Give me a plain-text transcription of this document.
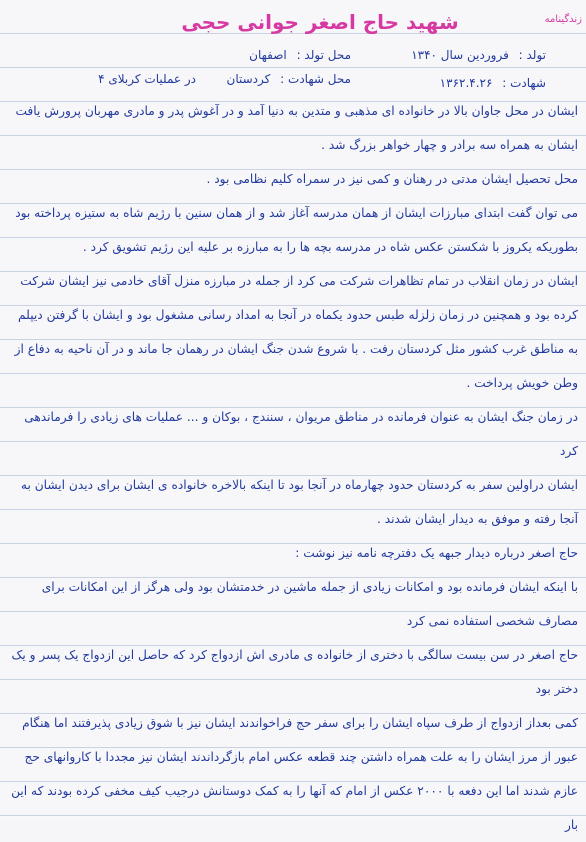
زندگینامه
شهید حاج اصغر جوانی حجی
تولد : فروردین سال ۱۳۴۰
محل تولد : اصفهان
شهادت : ۱۳۶۲.۴.۲۶
محل شهادت : کردستان
در عملیات کربلای ۴

ایشان در محل جاوان بالا در خانواده ای مذهبی و متدین به دنیا آمد و در آغوش پدر و مادری مهربان پرورش یافت ایشان به همراه سه برادر و چهار خواهر بزرگ شد .

محل تحصیل ایشان مدتی در رهنان و کمی نیز در سمراه کلیم نظامی بود .

می توان گفت ابتدای مبارزات ایشان از همان مدرسه آغاز شد و از همان سنین با رژیم شاه به ستیزه پرداخته بود بطوریکه یکروز با شکستن عکس شاه در مدرسه بچه ها را به مبارزه بر علیه این رژیم تشویق کرد .

ایشان در زمان انقلاب در تمام تظاهرات شرکت می کرد از جمله در مبارزه منزل آقای خادمی نیز ایشان شرکت کرده بود و همچنین در زمان زلزله طبس حدود یکماه در آنجا به امداد رسانی مشغول بود و ایشان با گرفتن دیپلم به مناطق غرب کشور مثل کردستان رفت . با شروع شدن جنگ ایشان در رهمان جا ماند و در آن ناحیه به دفاع از وطن خویش پرداخت .

در زمان جنگ ایشان به عنوان فرمانده در مناطق مریوان ، سنندج ، بوکان و ... عملیات های زیادی را فرماندهی کرد

ایشان دراولین سفر به کردستان حدود چهارماه در آنجا بود تا اینکه بالاخره خانواده ی ایشان برای دیدن ایشان به آنجا رفته و موفق به دیدار ایشان شدند .

حاج اصغر درباره دیدار جبهه یک دفترچه نامه نیز نوشت :

با اینکه ایشان فرمانده بود و امکانات زیادی از جمله ماشین در خدمتشان بود ولی هرگز از این امکانات برای مصارف شخصی استفاده نمی کرد

حاج اصغر در سن بیست سالگی با دختری از خانواده ی مادری اش ازدواج کرد که حاصل این ازدواج یک پسر و یک دختر بود

کمی بعداز ازدواج از طرف سپاه ایشان را برای سفر حج فراخواندند ایشان نیز با شوق زیادی پذیرفتند اما هنگام عبور از مرز ایشان را به علت همراه داشتن چند قطعه عکس امام بازگرداندند ایشان نیز مجددا با کاروانهای حج عازم شدند اما این دفعه با ۲۰۰۰ عکس از امام که آنها را به کمک دوستانش درجیب کیف مخفی کرده بودند که این بار
